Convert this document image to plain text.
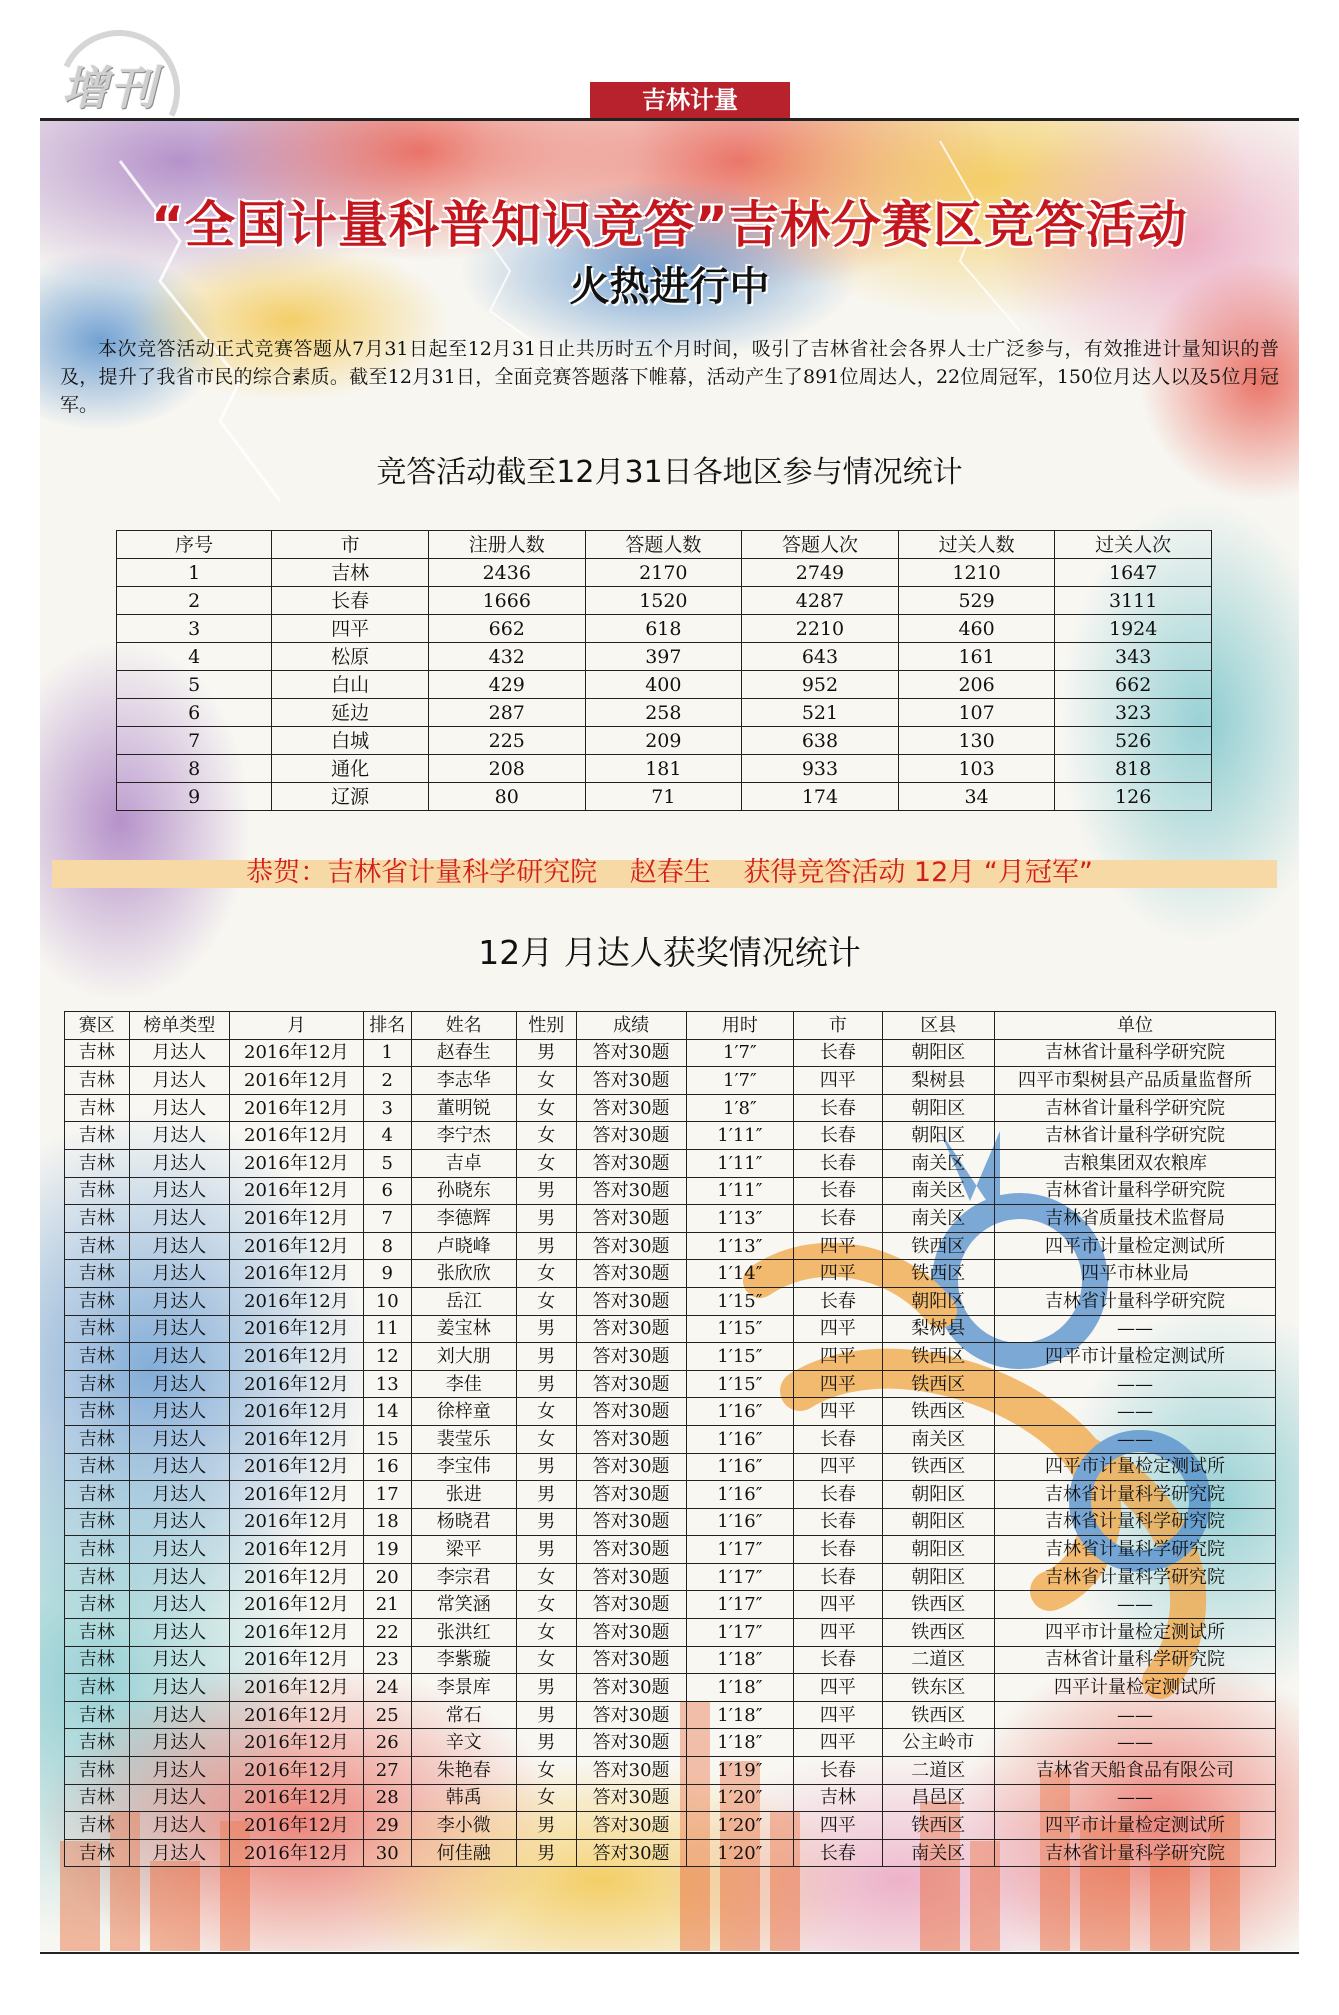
增刊	吉林计量
“全国计量科普知识竞答”吉林分赛区竞答活动
火热进行中
本次竞答活动正式竞赛答题从7月31日起至12月31日止共历时五个月时间，吸引了吉林省社会各界人士广泛参与，有效推进计量知识的普及，提升了我省市民的综合素质。截至12月31日，全面竞赛答题落下帷幕，活动产生了891位周达人，22位周冠军，150位月达人以及5位月冠军。
竞答活动截至12月31日各地区参与情况统计
序号	市	注册人数	答题人数	答题人次	过关人数	过关人次
1	吉林	2436	2170	2749	1210	1647
2	长春	1666	1520	4287	529	3111
3	四平	662	618	2210	460	1924
4	松原	432	397	643	161	343
5	白山	429	400	952	206	662
6	延边	287	258	521	107	323
7	白城	225	209	638	130	526
8	通化	208	181	933	103	818
9	辽源	80	71	174	34	126
恭贺：吉林省计量科学研究院 赵春生 获得竞答活动 12月 “月冠军”
12月 月达人获奖情况统计
赛区	榜单类型	月	排名	姓名	性别	成绩	用时	市	区县	单位
吉林	月达人	2016年12月	1	赵春生	男	答对30题	1′7″	长春	朝阳区	吉林省计量科学研究院
吉林	月达人	2016年12月	2	李志华	女	答对30题	1′7″	四平	梨树县	四平市梨树县产品质量监督所
吉林	月达人	2016年12月	3	董明锐	女	答对30题	1′8″	长春	朝阳区	吉林省计量科学研究院
吉林	月达人	2016年12月	4	李宁杰	女	答对30题	1′11″	长春	朝阳区	吉林省计量科学研究院
吉林	月达人	2016年12月	5	吉卓	女	答对30题	1′11″	长春	南关区	吉粮集团双农粮库
吉林	月达人	2016年12月	6	孙晓东	男	答对30题	1′11″	长春	南关区	吉林省计量科学研究院
吉林	月达人	2016年12月	7	李德辉	男	答对30题	1′13″	长春	南关区	吉林省质量技术监督局
吉林	月达人	2016年12月	8	卢晓峰	男	答对30题	1′13″	四平	铁西区	四平市计量检定测试所
吉林	月达人	2016年12月	9	张欣欣	女	答对30题	1′14″	四平	铁西区	四平市林业局
吉林	月达人	2016年12月	10	岳江	女	答对30题	1′15″	长春	朝阳区	吉林省计量科学研究院
吉林	月达人	2016年12月	11	姜宝林	男	答对30题	1′15″	四平	梨树县	——
吉林	月达人	2016年12月	12	刘大朋	男	答对30题	1′15″	四平	铁西区	四平市计量检定测试所
吉林	月达人	2016年12月	13	李佳	男	答对30题	1′15″	四平	铁西区	——
吉林	月达人	2016年12月	14	徐梓童	女	答对30题	1′16″	四平	铁西区	——
吉林	月达人	2016年12月	15	裴莹乐	女	答对30题	1′16″	长春	南关区	——
吉林	月达人	2016年12月	16	李宝伟	男	答对30题	1′16″	四平	铁西区	四平市计量检定测试所
吉林	月达人	2016年12月	17	张进	男	答对30题	1′16″	长春	朝阳区	吉林省计量科学研究院
吉林	月达人	2016年12月	18	杨晓君	男	答对30题	1′16″	长春	朝阳区	吉林省计量科学研究院
吉林	月达人	2016年12月	19	梁平	男	答对30题	1′17″	长春	朝阳区	吉林省计量科学研究院
吉林	月达人	2016年12月	20	李宗君	女	答对30题	1′17″	长春	朝阳区	吉林省计量科学研究院
吉林	月达人	2016年12月	21	常笑涵	女	答对30题	1′17″	四平	铁西区	——
吉林	月达人	2016年12月	22	张洪红	女	答对30题	1′17″	四平	铁西区	四平市计量检定测试所
吉林	月达人	2016年12月	23	李紫璇	女	答对30题	1′18″	长春	二道区	吉林省计量科学研究院
吉林	月达人	2016年12月	24	李景库	男	答对30题	1′18″	四平	铁东区	四平计量检定测试所
吉林	月达人	2016年12月	25	常石	男	答对30题	1′18″	四平	铁西区	——
吉林	月达人	2016年12月	26	辛文	男	答对30题	1′18″	四平	公主岭市	——
吉林	月达人	2016年12月	27	朱艳春	女	答对30题	1′19″	长春	二道区	吉林省天船食品有限公司
吉林	月达人	2016年12月	28	韩禹	女	答对30题	1′20″	吉林	昌邑区	——
吉林	月达人	2016年12月	29	李小微	男	答对30题	1′20″	四平	铁西区	四平市计量检定测试所
吉林	月达人	2016年12月	30	何佳融	男	答对30题	1′20″	长春	南关区	吉林省计量科学研究院
